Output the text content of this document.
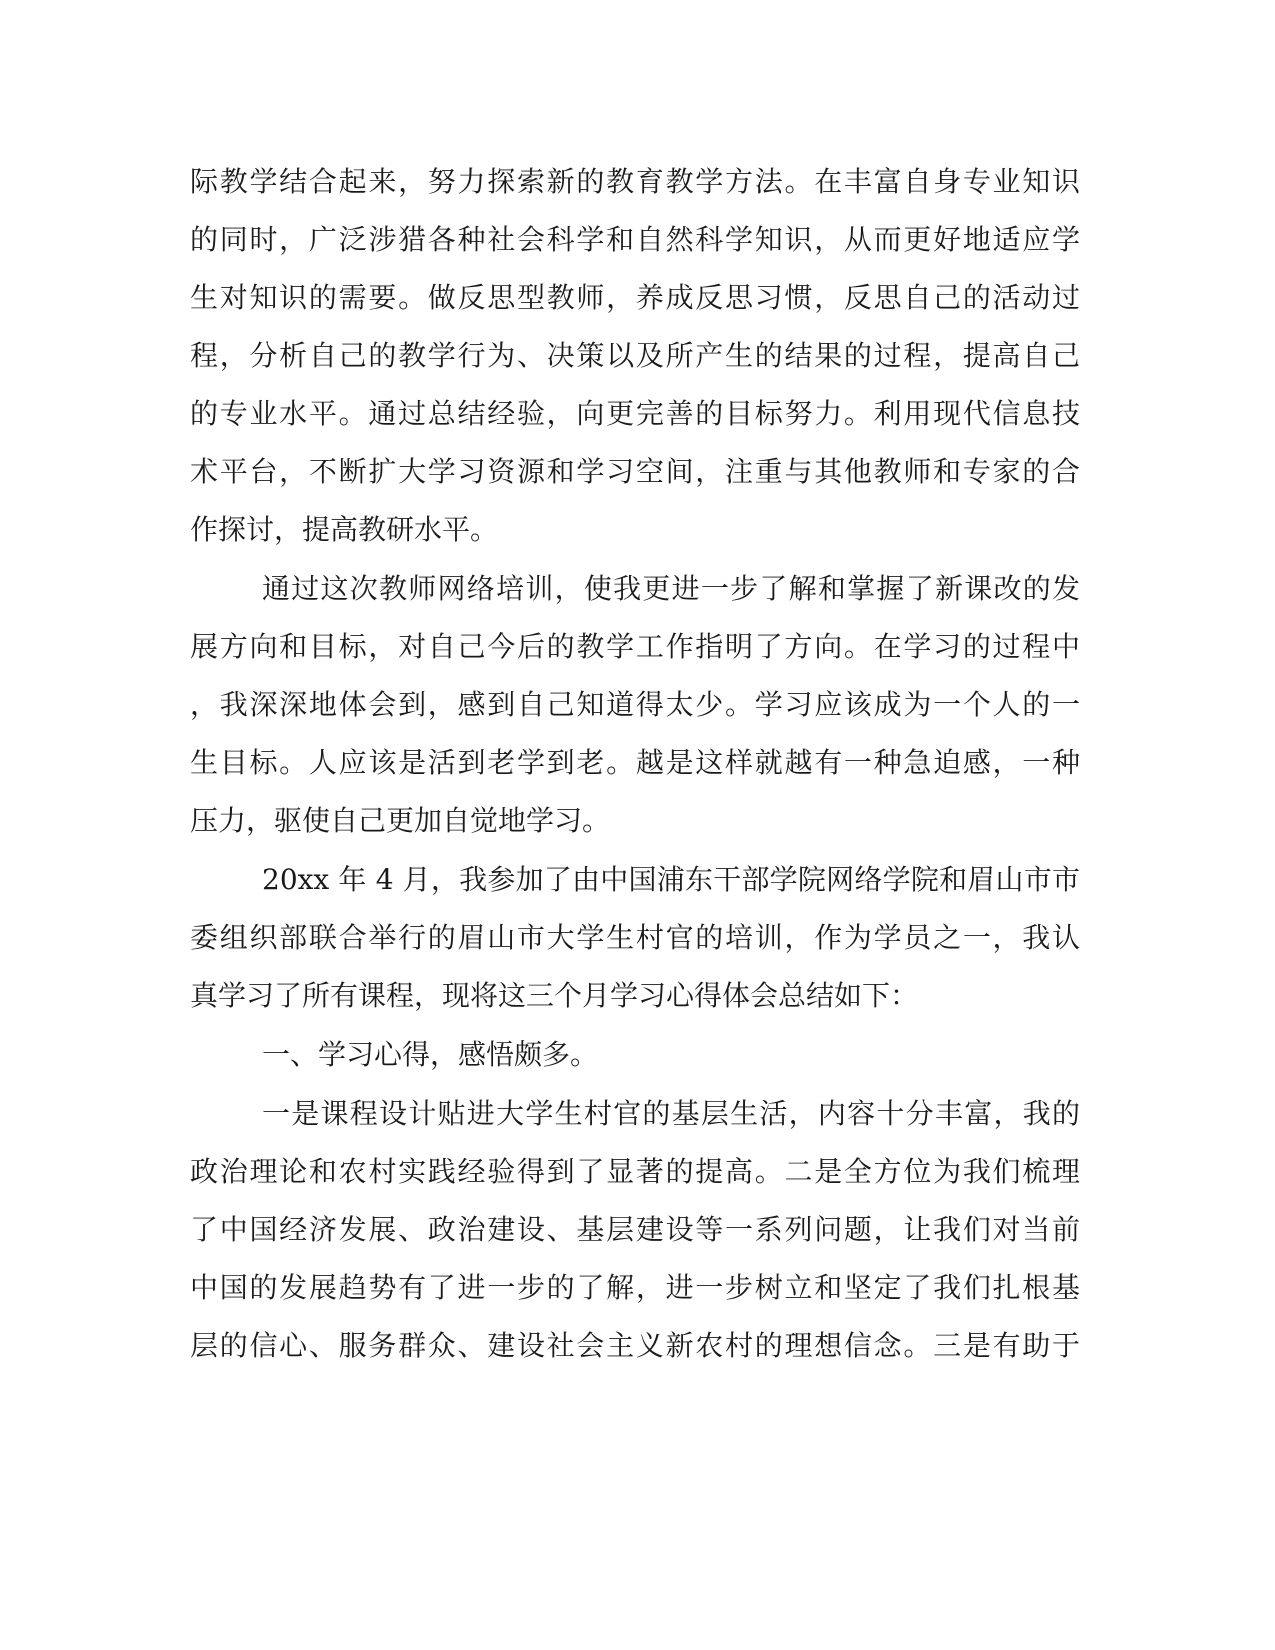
际教学结合起来，努力探索新的教育教学方法。在丰富自身专业知识
的同时，广泛涉猎各种社会科学和自然科学知识，从而更好地适应学
生对知识的需要。做反思型教师，养成反思习惯，反思自己的活动过
程，分析自己的教学行为、决策以及所产生的结果的过程，提高自己
的专业水平。通过总结经验，向更完善的目标努力。利用现代信息技
术平台，不断扩大学习资源和学习空间，注重与其他教师和专家的合
作探讨，提高教研水平。
通过这次教师网络培训，使我更进一步了解和掌握了新课改的发
展方向和目标，对自己今后的教学工作指明了方向。在学习的过程中
，我深深地体会到，感到自己知道得太少。学习应该成为一个人的一
生目标。人应该是活到老学到老。越是这样就越有一种急迫感，一种
压力，驱使自己更加自觉地学习。
20xx 年 4 月，我参加了由中国浦东干部学院网络学院和眉山市市
委组织部联合举行的眉山市大学生村官的培训，作为学员之一，我认
真学习了所有课程，现将这三个月学习心得体会总结如下：
一、学习心得，感悟颇多。
一是课程设计贴进大学生村官的基层生活，内容十分丰富，我的
政治理论和农村实践经验得到了显著的提高。二是全方位为我们梳理
了中国经济发展、政治建设、基层建设等一系列问题，让我们对当前
中国的发展趋势有了进一步的了解，进一步树立和坚定了我们扎根基
层的信心、服务群众、建设社会主义新农村的理想信念。三是有助于
